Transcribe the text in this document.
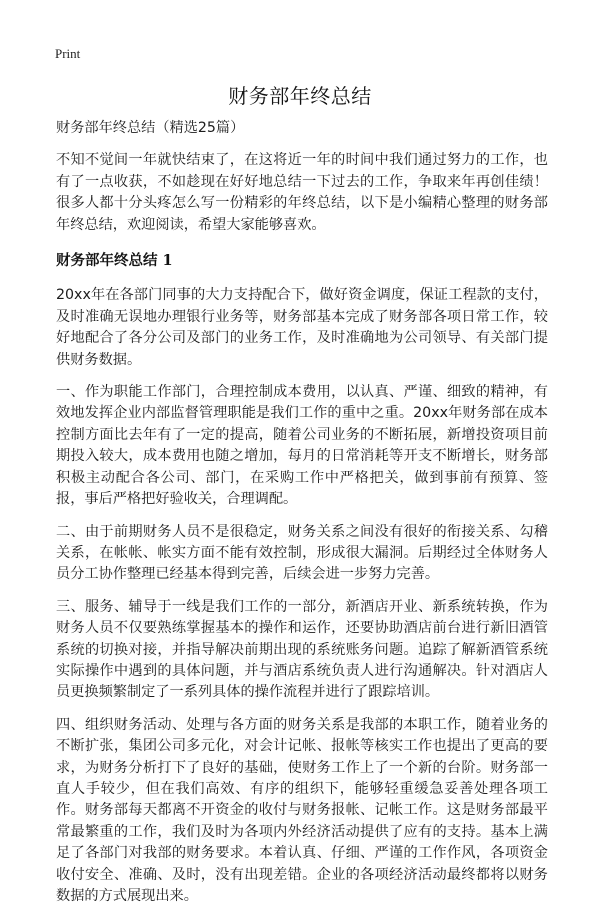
Print
财务部年终总结

财务部年终总结（精选25篇）

不知不觉间一年就快结束了，在这将近一年的时间中我们通过努力的工作，也有了一点收获，不如趁现在好好地总结一下过去的工作，争取来年再创佳绩！很多人都十分头疼怎么写一份精彩的年终总结，以下是小编精心整理的财务部年终总结，欢迎阅读，希望大家能够喜欢。

财务部年终总结 1

20xx年在各部门同事的大力支持配合下，做好资金调度，保证工程款的支付，及时准确无误地办理银行业务等，财务部基本完成了财务部各项日常工作，较好地配合了各分公司及部门的业务工作，及时准确地为公司领导、有关部门提供财务数据。

一、作为职能工作部门，合理控制成本费用，以认真、严谨、细致的精神，有效地发挥企业内部监督管理职能是我们工作的重中之重。20xx年财务部在成本控制方面比去年有了一定的提高，随着公司业务的不断拓展，新增投资项目前期投入较大，成本费用也随之增加，每月的日常消耗等开支不断增长，财务部积极主动配合各公司、部门，在采购工作中严格把关，做到事前有预算、签报，事后严格把好验收关，合理调配。

二、由于前期财务人员不是很稳定，财务关系之间没有很好的衔接关系、勾稽关系，在帐帐、帐实方面不能有效控制，形成很大漏洞。后期经过全体财务人员分工协作整理已经基本得到完善，后续会进一步努力完善。

三、服务、辅导于一线是我们工作的一部分，新酒店开业、新系统转换，作为财务人员不仅要熟练掌握基本的操作和运作，还要协助酒店前台进行新旧酒管系统的切换对接，并指导解决前期出现的系统账务问题。追踪了解新酒管系统实际操作中遇到的具体问题，并与酒店系统负责人进行沟通解决。针对酒店人员更换频繁制定了一系列具体的操作流程并进行了跟踪培训。

四、组织财务活动、处理与各方面的财务关系是我部的本职工作，随着业务的不断扩张，集团公司多元化，对会计记帐、报帐等核实工作也提出了更高的要求，为财务分析打下了良好的基础，使财务工作上了一个新的台阶。财务部一直人手较少，但在我们高效、有序的组织下，能够轻重缓急妥善处理各项工作。财务部每天都离不开资金的收付与财务报帐、记帐工作。这是财务部最平常最繁重的工作，我们及时为各项内外经济活动提供了应有的支持。基本上满足了各部门对我部的财务要求。本着认真、仔细、严谨的工作作风，各项资金收付安全、准确、及时，没有出现差错。企业的各项经济活动最终都将以财务数据的方式展现出来。
